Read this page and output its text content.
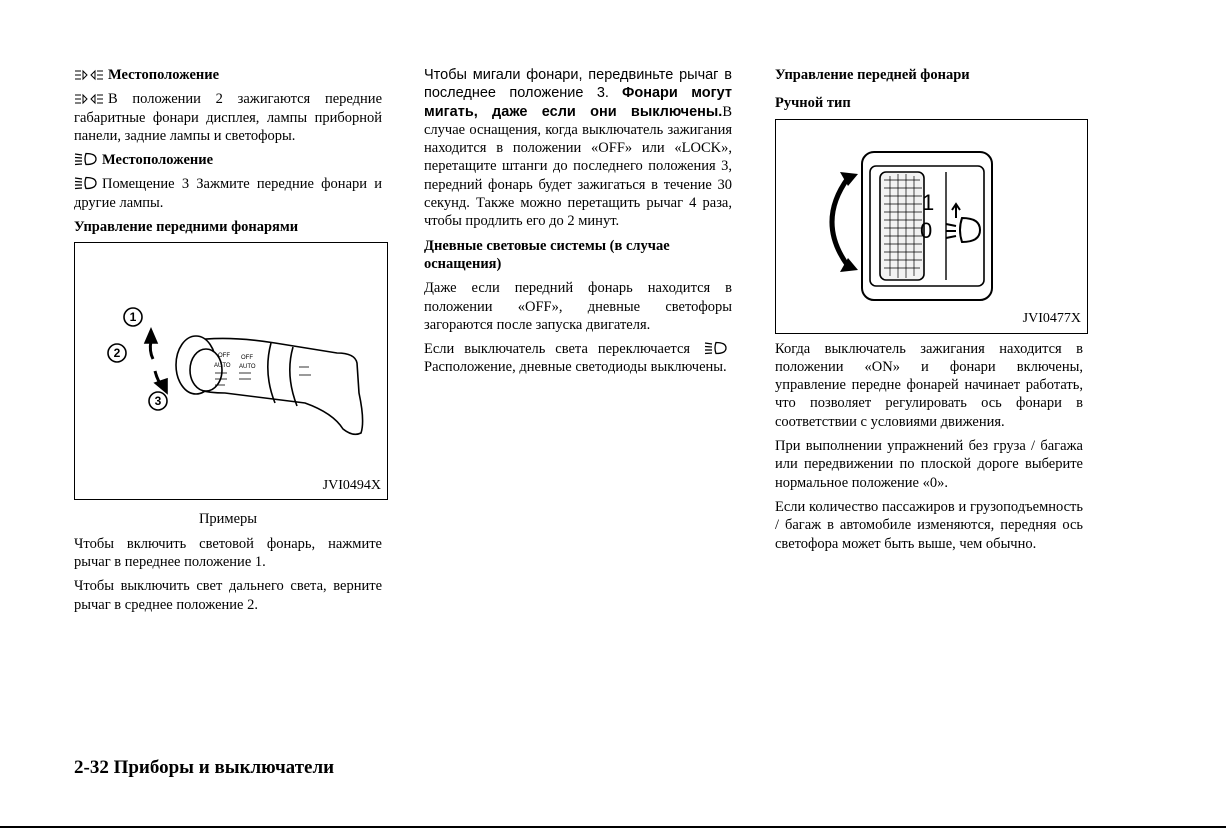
Местоположение

В положении 2 зажигаются передние габаритные фонари дисплея, лампы приборной панели, задние лампы и светофоры.

Местоположение

Помещение 3 Зажмите передние фонари и другие лампы.

Управление передними фонарями
1
2
3
OFF
AUTO
OFF
AUTO
JVI0494X
Примеры

Чтобы включить световой фонарь, нажмите рычаг в переднее положение 1.

Чтобы выключить свет дальнего света, верните рычаг в среднее положение 2.

Чтобы мигали фонари, передвиньте рычаг в последнее положение 3. Фонари могут мигать, даже если они выключены.В случае оснащения, когда выключатель зажигания находится в положении «OFF» или «LOCK», перетащите штанги до последнего положения 3, передний фонарь будет зажигаться в течение 30 секунд. Также можно перетащить рычаг 4 раза, чтобы продлить его до 2 минут.

Дневные световые системы (в случае оснащения)

Даже если передний фонарь находится в положении «OFF», дневные светофоры загораются после запуска двигателя.

Если выключатель света переключается Расположение, дневные светодиоды выключены.

Управление передней фонари
Ручной тип
1
0
JVI0477X

Когда выключатель зажигания находится в положении «ON» и фонари включены, управление передне фонарей начинает работать, что позволяет регулировать ось фонари в соответствии с условиями движения.

При выполнении упражнений без груза / багажа или передвижении по плоской дороге выберите нормальное положение «0».

Если количество пассажиров и грузоподъемность / багаж в автомобиле изменяются, передняя ось светофора может быть выше, чем обычно.

2-32 Приборы и выключатели
